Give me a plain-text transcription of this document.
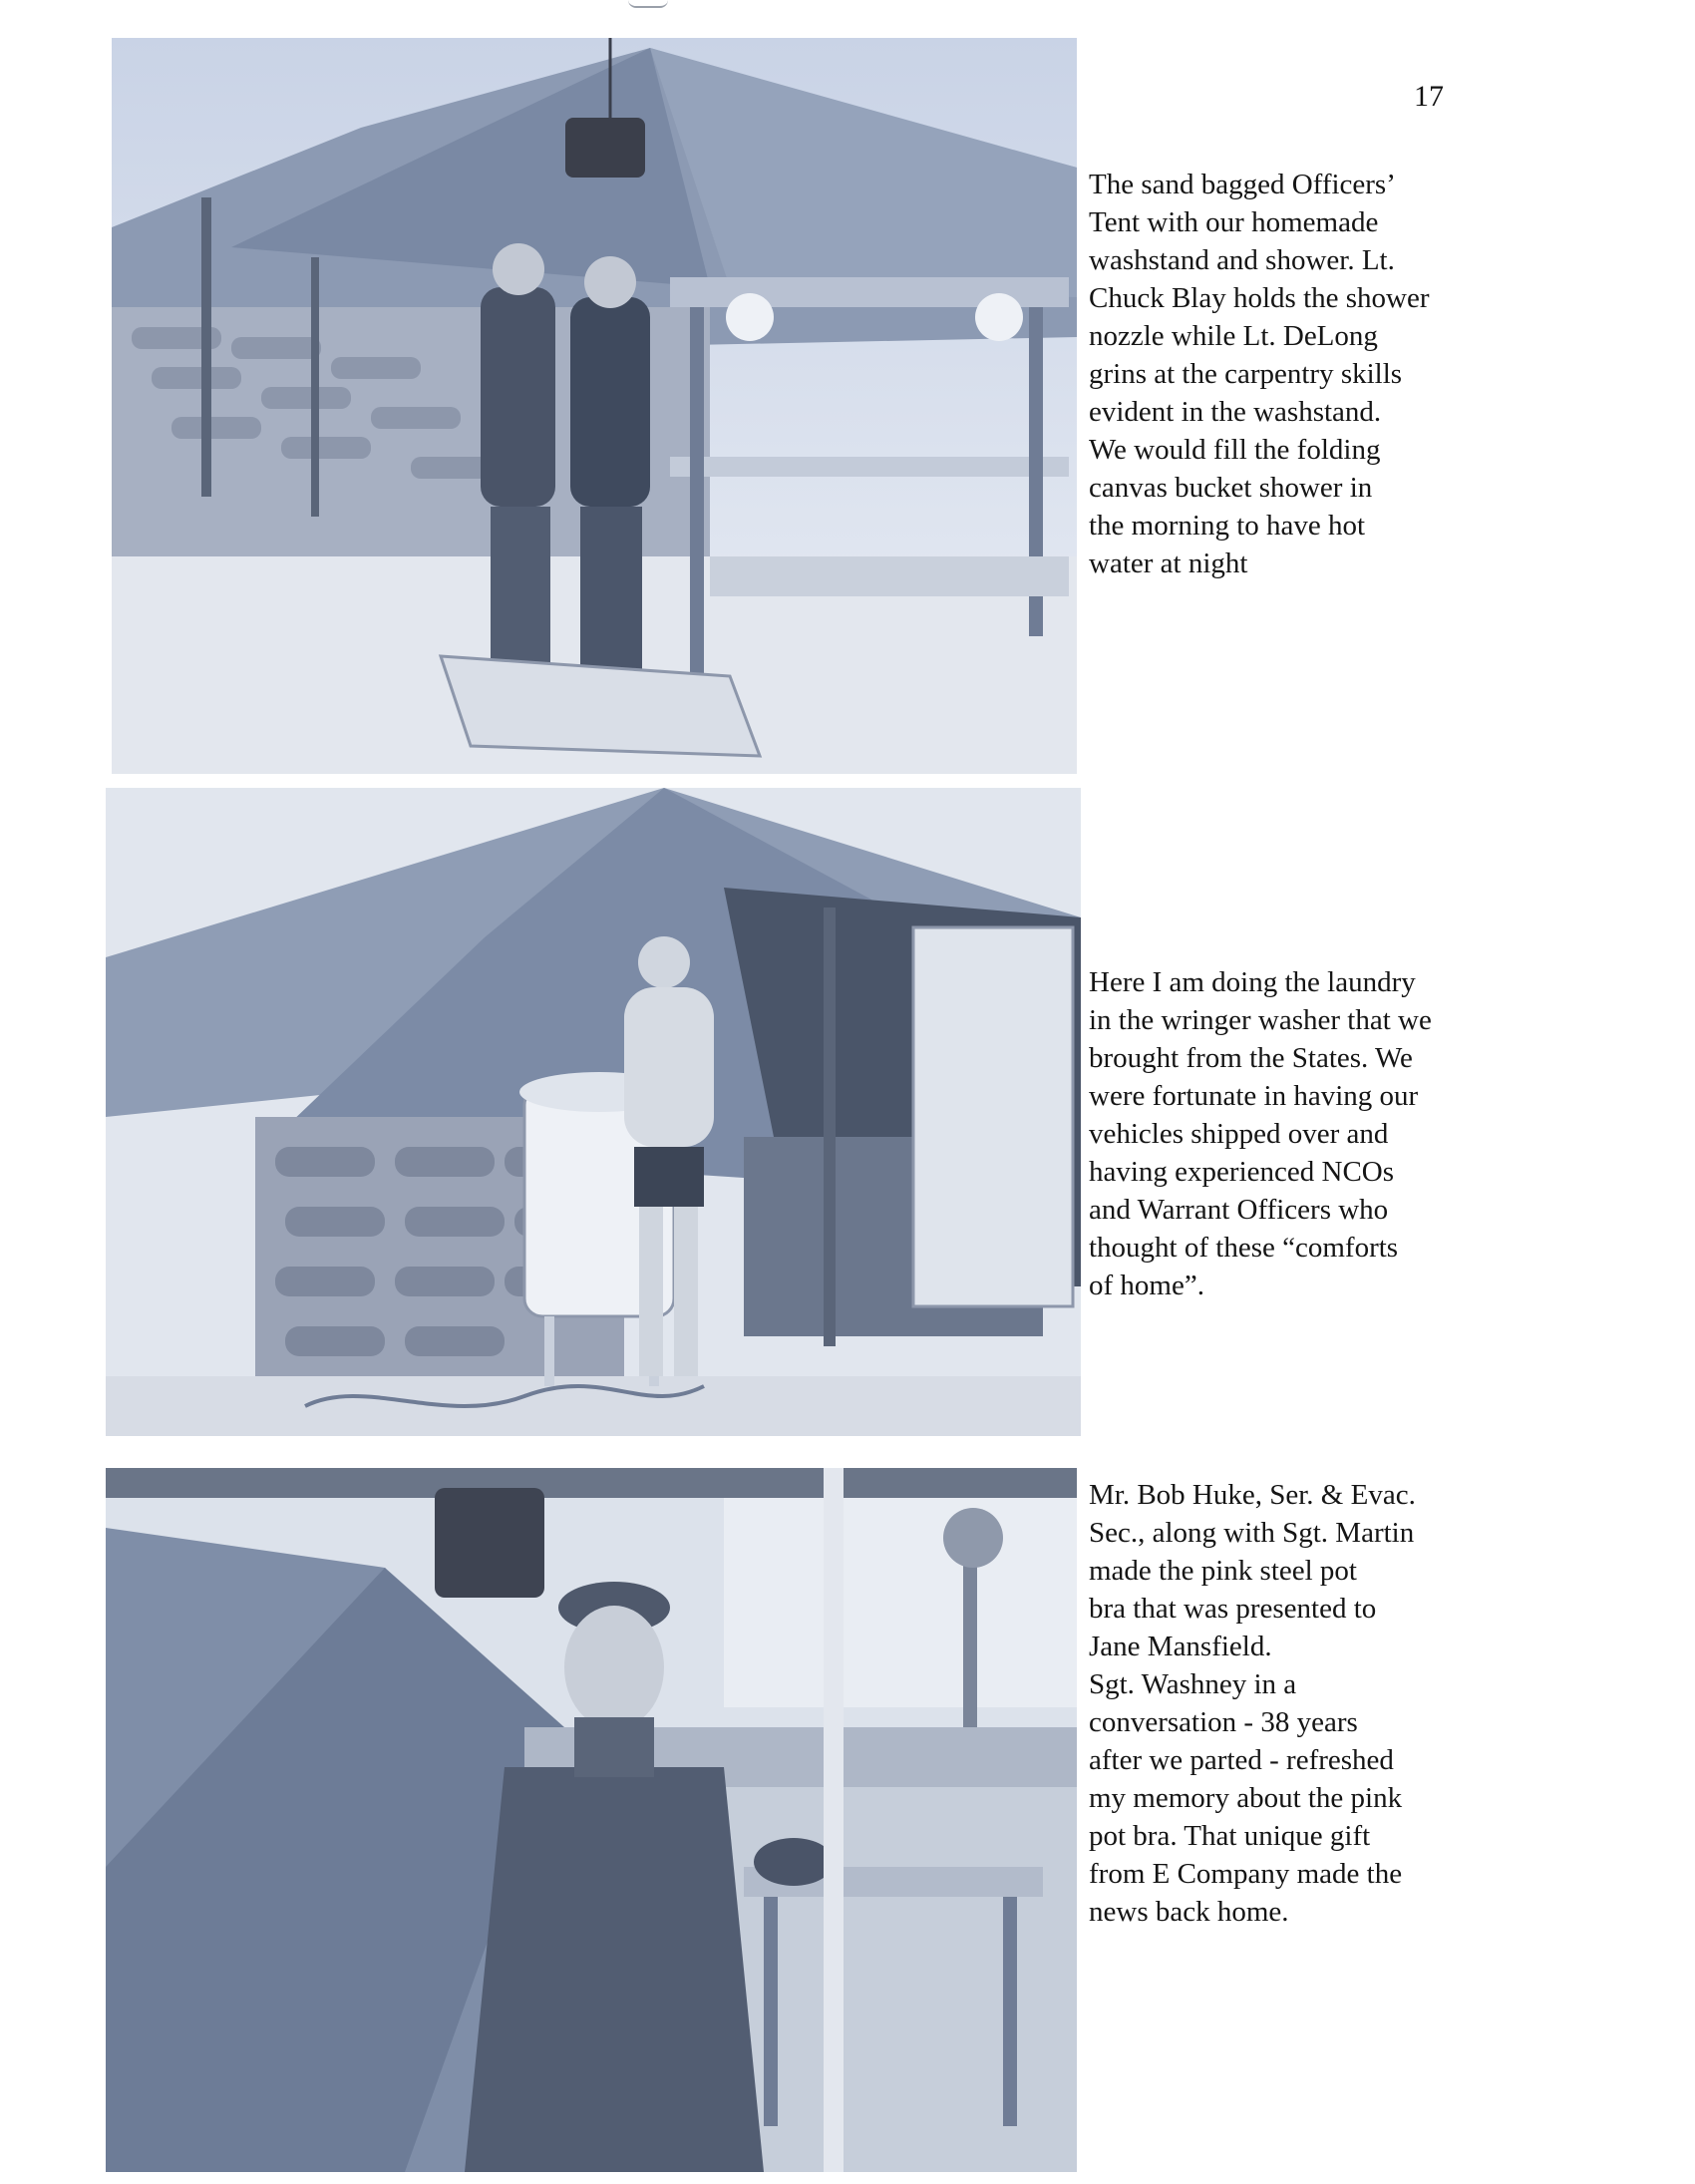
17

The sand bagged Officers’
Tent with our homemade
washstand and shower. Lt.
Chuck Blay holds the shower
nozzle while Lt. DeLong
grins at the carpentry skills
evident in the washstand.
We would fill the folding
canvas bucket shower in
the morning to have hot
water at night

Here I am doing the laundry
in the wringer washer that we
brought from the States. We
were fortunate in having our
vehicles shipped over and
having experienced NCOs
and Warrant Officers who
thought of these “comforts
of home”.

Mr. Bob Huke, Ser. & Evac.
Sec., along with Sgt. Martin
made the pink steel pot
bra that was presented to
Jane Mansfield.
Sgt. Washney in a
conversation - 38 years
after we parted - refreshed
my memory about the pink
pot bra. That unique gift
from E Company made the
news back home.
